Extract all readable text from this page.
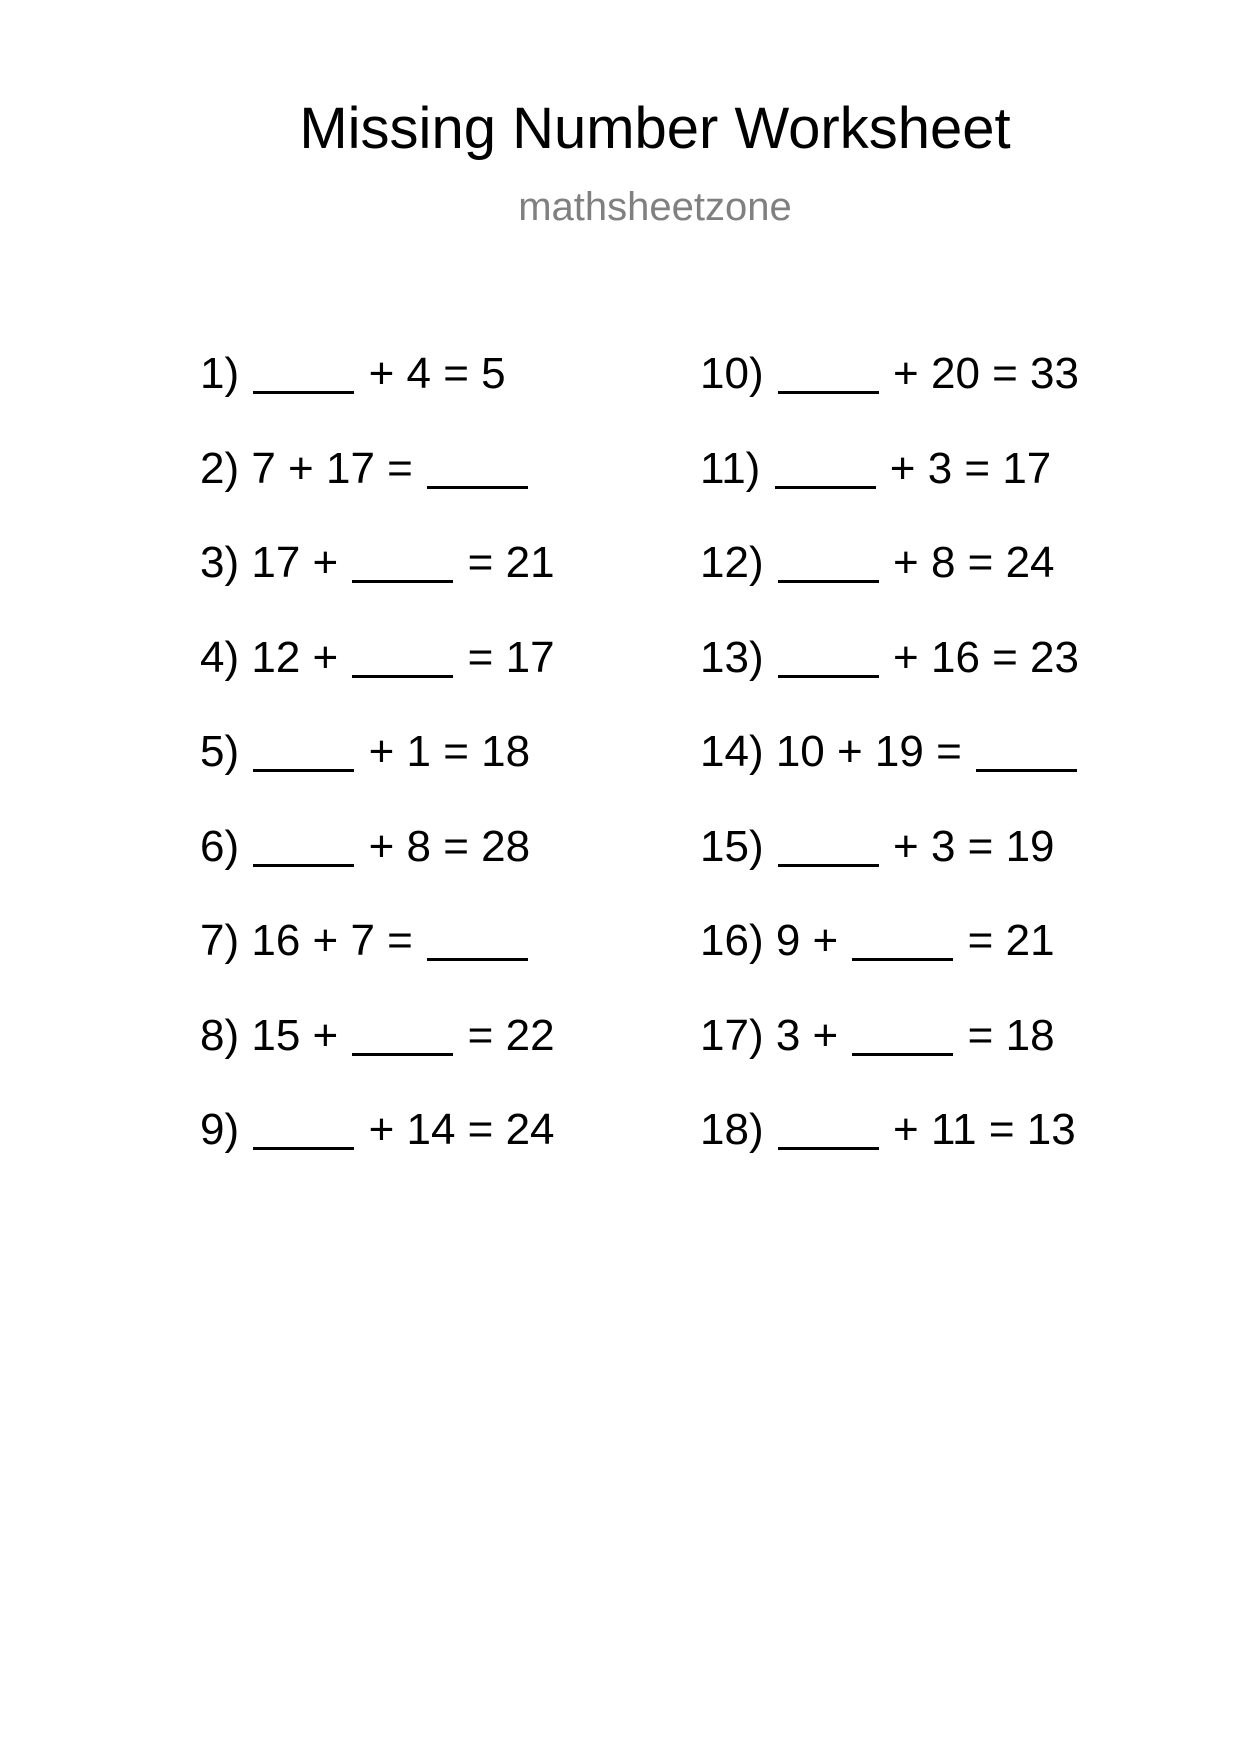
Missing Number Worksheet
mathsheetzone
1)	+ 4 = 5
2) 7 + 17 =
3) 17 +  = 21
4) 12 +  = 17
5)	+ 1 = 18
6)	+ 8 = 28
7) 16 + 7 =
8) 15 +  = 22
9)	+ 14 = 24
10)	+ 20 = 33
11)	+ 3 = 17
12)	+ 8 = 24
13)	+ 16 = 23
14) 10 + 19 =
15)	+ 3 = 19
16) 9 +  = 21
17) 3 +  = 18
18)	+ 11 = 13
